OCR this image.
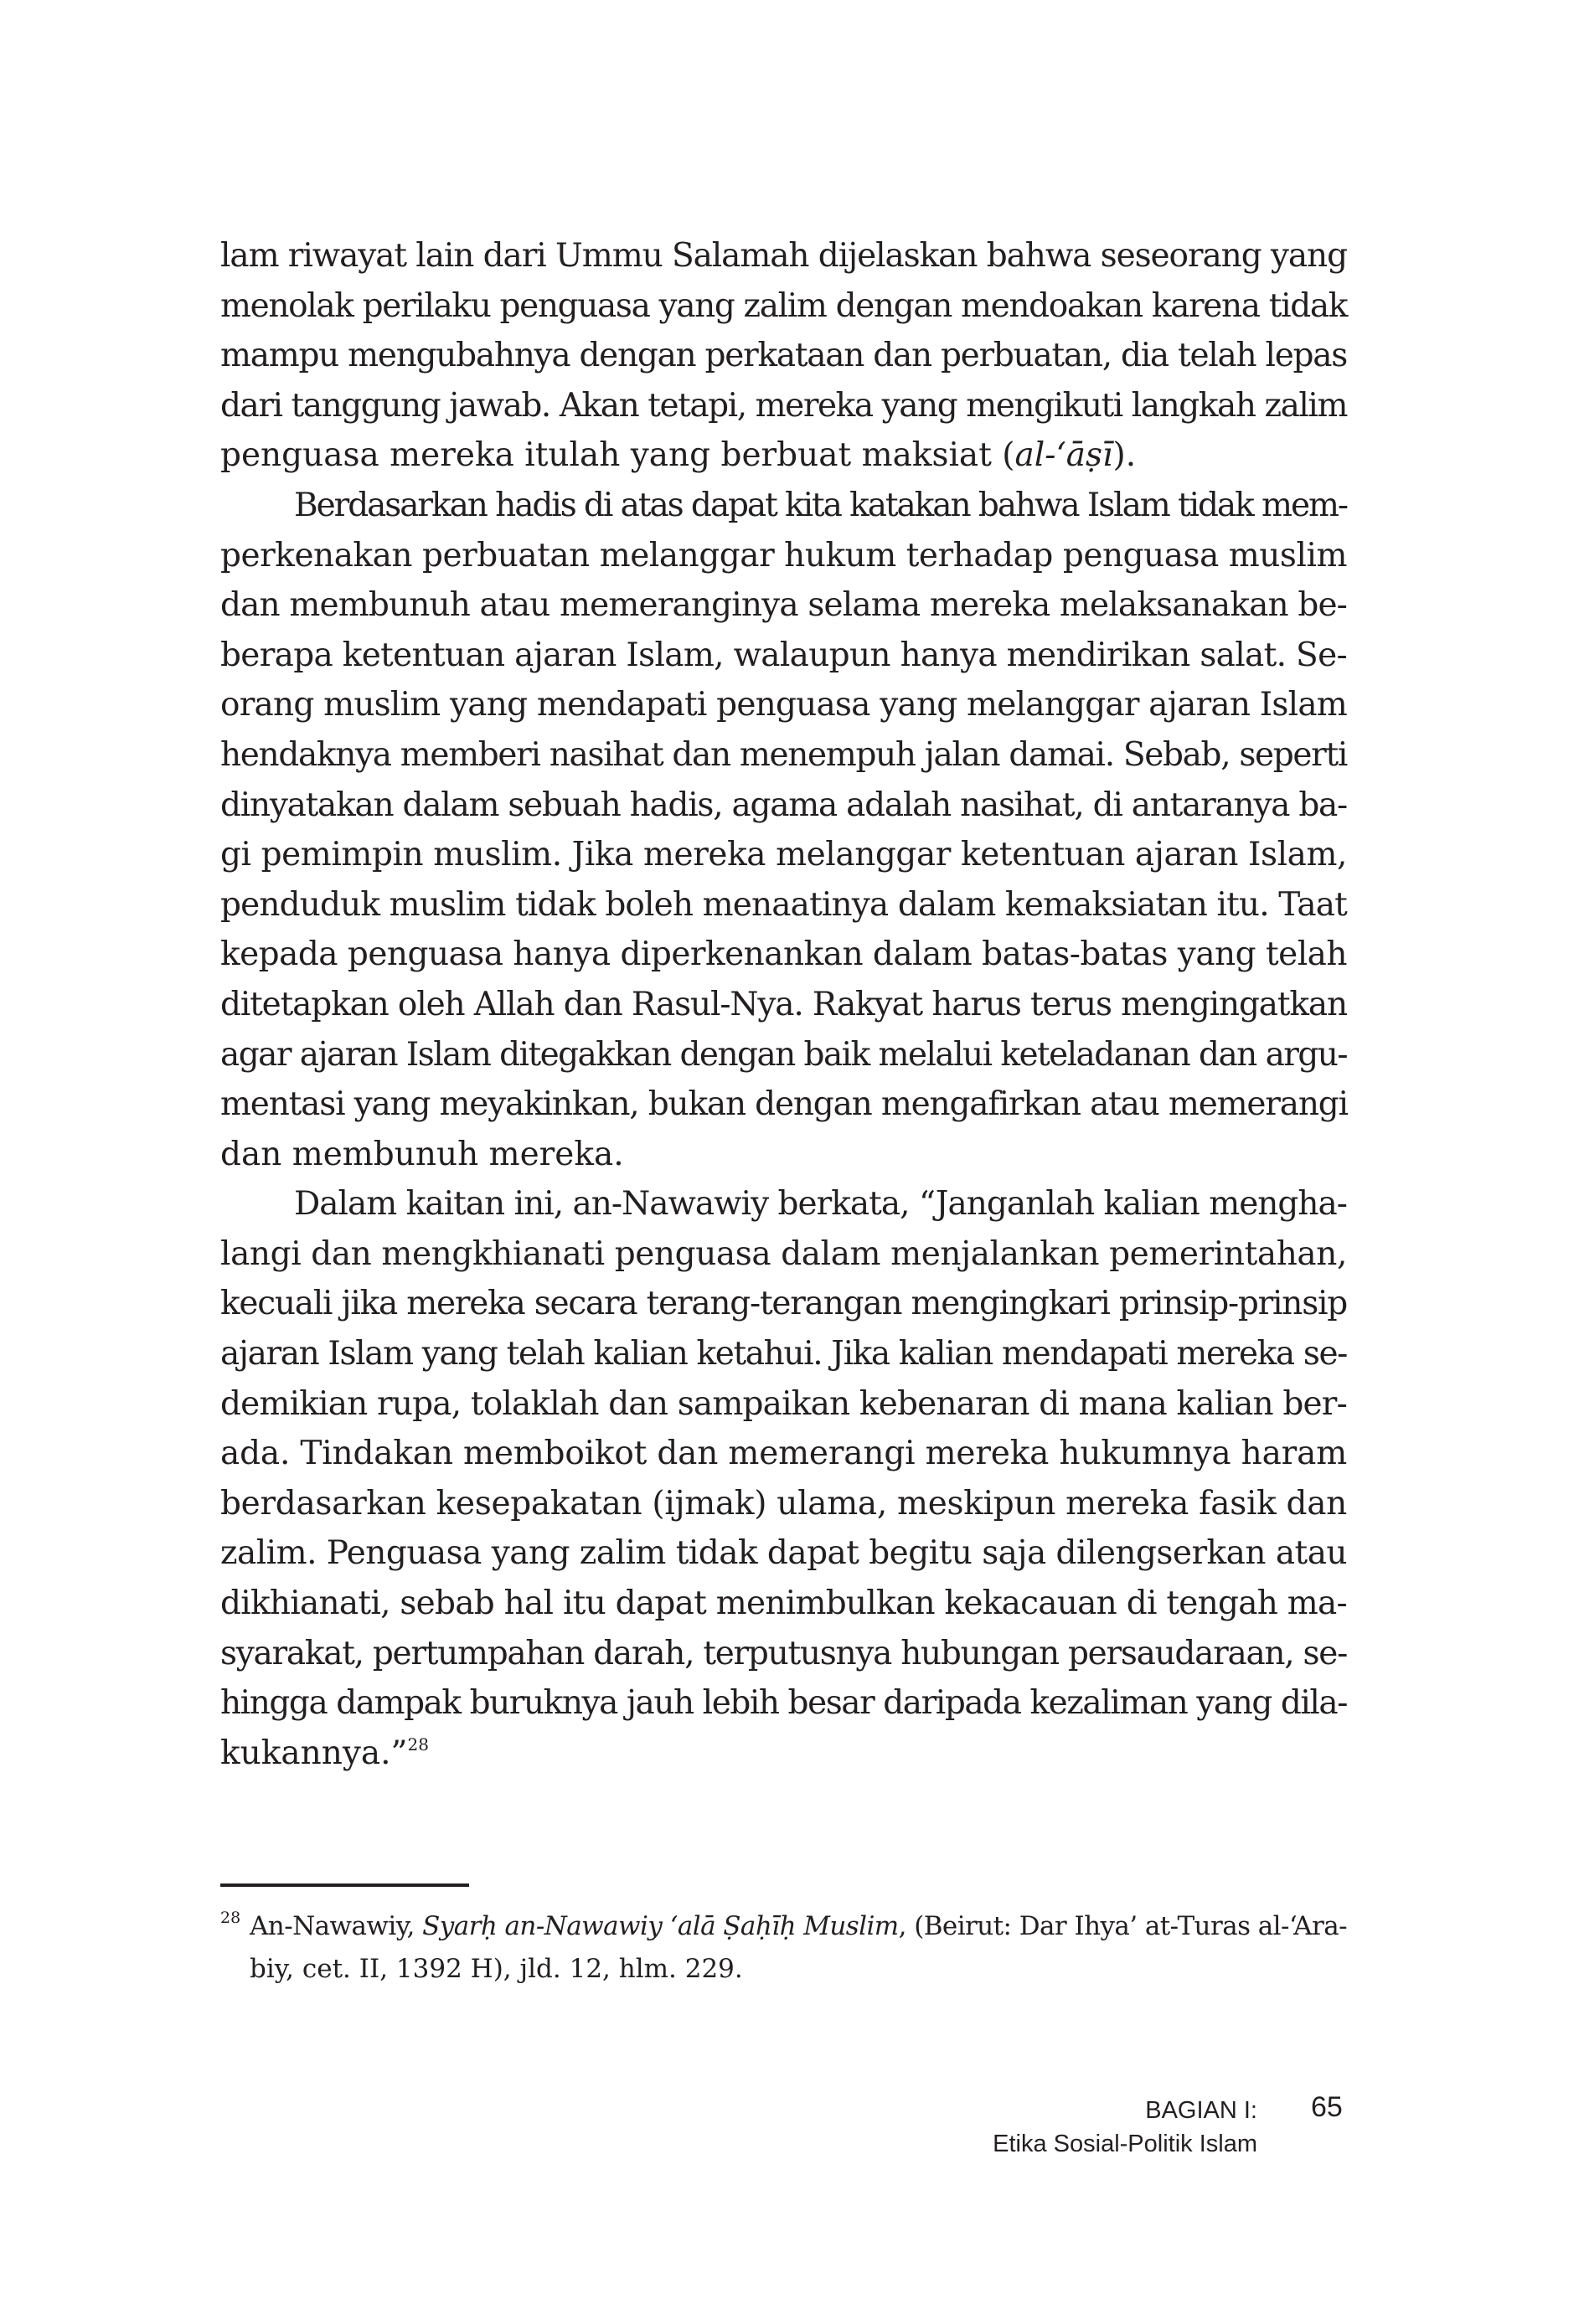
lam riwayat lain dari Ummu Salamah dijelaskan bahwa seseorang yang
menolak perilaku penguasa yang zalim dengan mendoakan karena tidak
mampu mengubahnya dengan perkataan dan perbuatan, dia telah lepas
dari tanggung jawab. Akan tetapi, mereka yang mengikuti langkah zalim
penguasa mereka itulah yang berbuat maksiat (al-‘āṣī).

Berdasarkan hadis di atas dapat kita katakan bahwa Islam tidak mem-
perkenakan perbuatan melanggar hukum terhadap penguasa muslim
dan membunuh atau memeranginya selama mereka melaksanakan be-
berapa ketentuan ajaran Islam, walaupun hanya mendirikan salat. Se-
orang muslim yang mendapati penguasa yang melanggar ajaran Islam
hendaknya memberi nasihat dan menempuh jalan damai. Sebab, seperti
dinyatakan dalam sebuah hadis, agama adalah nasihat, di antaranya ba-
gi pemimpin muslim. Jika mereka melanggar ketentuan ajaran Islam,
penduduk muslim tidak boleh menaatinya dalam kemaksiatan itu. Taat
kepada penguasa hanya diperkenankan dalam batas-batas yang telah
ditetapkan oleh Allah dan Rasul-Nya. Rakyat harus terus mengingatkan
agar ajaran Islam ditegakkan dengan baik melalui keteladanan dan argu-
mentasi yang meyakinkan, bukan dengan mengafirkan atau memerangi
dan membunuh mereka.

Dalam kaitan ini, an-Nawawiy berkata, “Janganlah kalian mengha-
langi dan mengkhianati penguasa dalam menjalankan pemerintahan,
kecuali jika mereka secara terang-terangan mengingkari prinsip-prinsip
ajaran Islam yang telah kalian ketahui. Jika kalian mendapati mereka se-
demikian rupa, tolaklah dan sampaikan kebenaran di mana kalian ber-
ada. Tindakan memboikot dan memerangi mereka hukumnya haram
berdasarkan kesepakatan (ijmak) ulama, meskipun mereka fasik dan
zalim. Penguasa yang zalim tidak dapat begitu saja dilengserkan atau
dikhianati, sebab hal itu dapat menimbulkan kekacauan di tengah ma-
syarakat, pertumpahan darah, terputusnya hubungan persaudaraan, se-
hingga dampak buruknya jauh lebih besar daripada kezaliman yang dila-
kukannya.”$^{28}$

28 An-Nawawiy, Syarḥ an-Nawawiy ‘alā Ṣaḥīḥ Muslim, (Beirut: Dar Ihya’ at-Turas al-‘Ara-
biy, cet. II, 1392 H), jld. 12, hlm. 229.
BAGIAN I:
Etika Sosial-Politik Islam
65
